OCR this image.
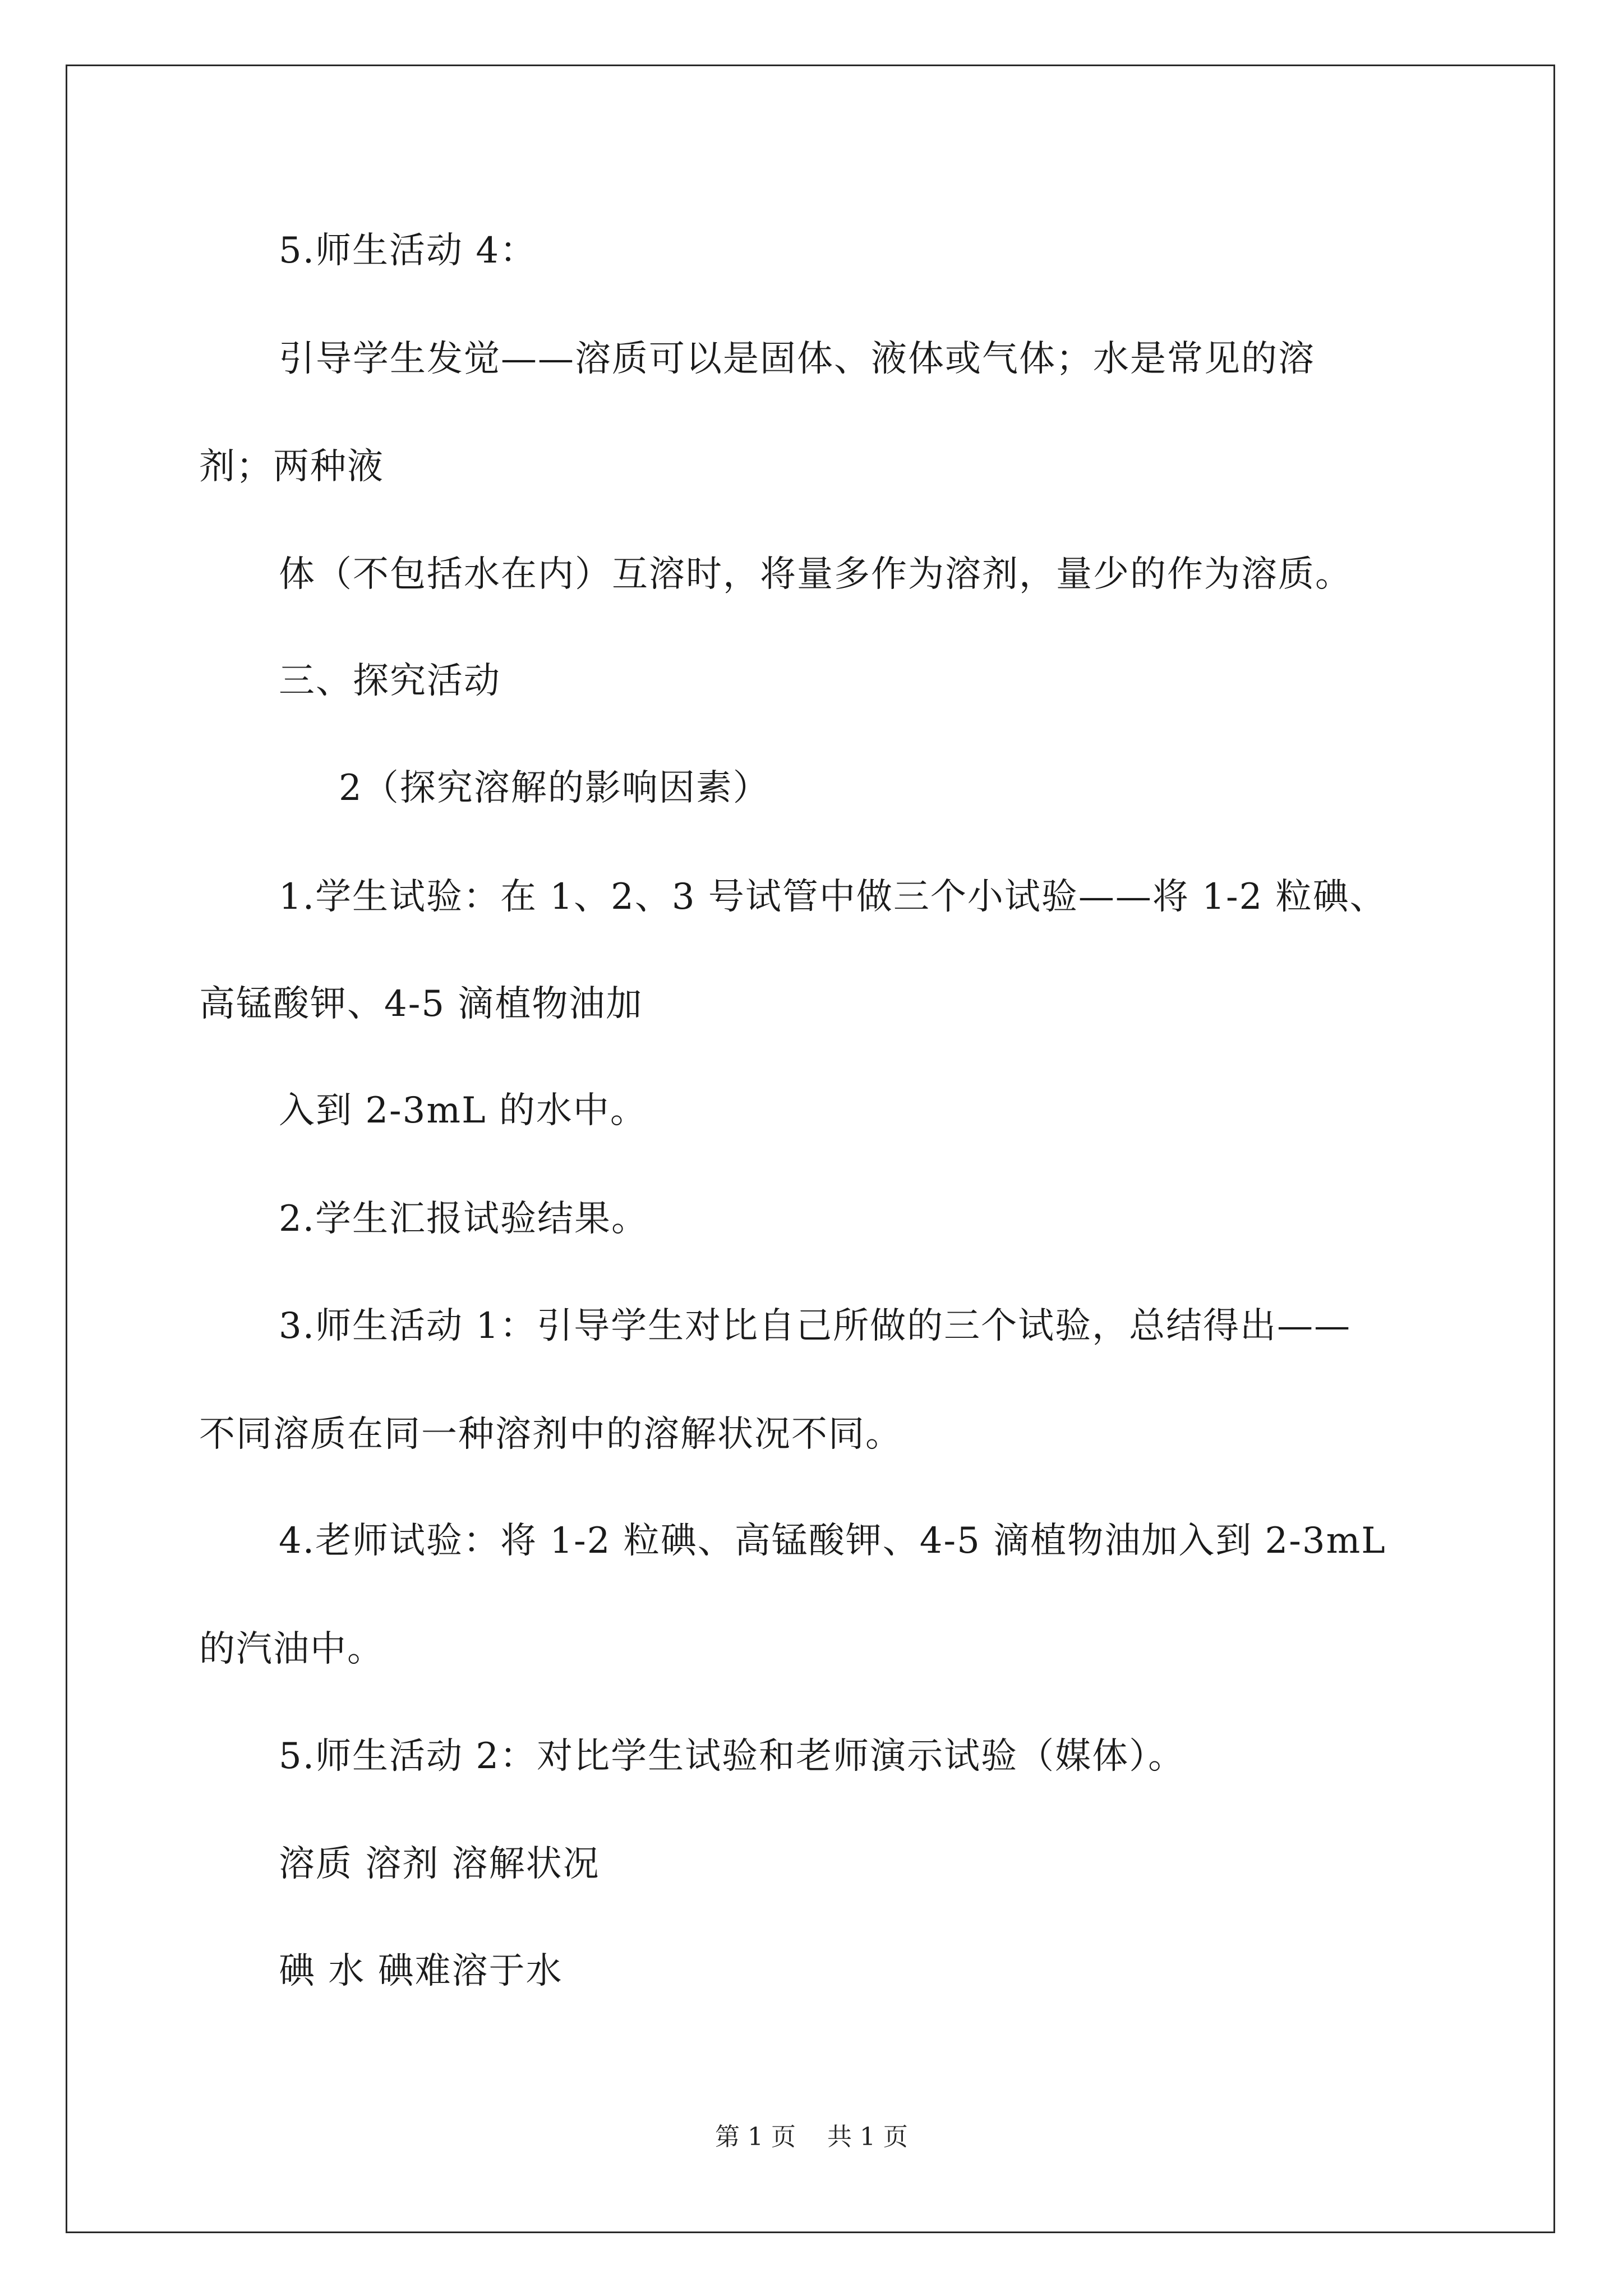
5.师生活动 4：
引导学生发觉——溶质可以是固体、液体或气体；水是常见的溶
剂；两种液
体（不包括水在内）互溶时，将量多作为溶剂，量少的作为溶质。
三、探究活动
2（探究溶解的影响因素）
1.学生试验：在 1、2、3 号试管中做三个小试验——将 1-2 粒碘、
高锰酸钾、4-5 滴植物油加
入到 2-3mL 的水中。
2.学生汇报试验结果。
3.师生活动 1：引导学生对比自己所做的三个试验，总结得出——
不同溶质在同一种溶剂中的溶解状况不同。
4.老师试验：将 1-2 粒碘、高锰酸钾、4-5 滴植物油加入到 2-3mL
的汽油中。
5.师生活动 2：对比学生试验和老师演示试验（媒体）。
溶质 溶剂 溶解状况
碘 水 碘难溶于水
第 1 页    共 1 页
